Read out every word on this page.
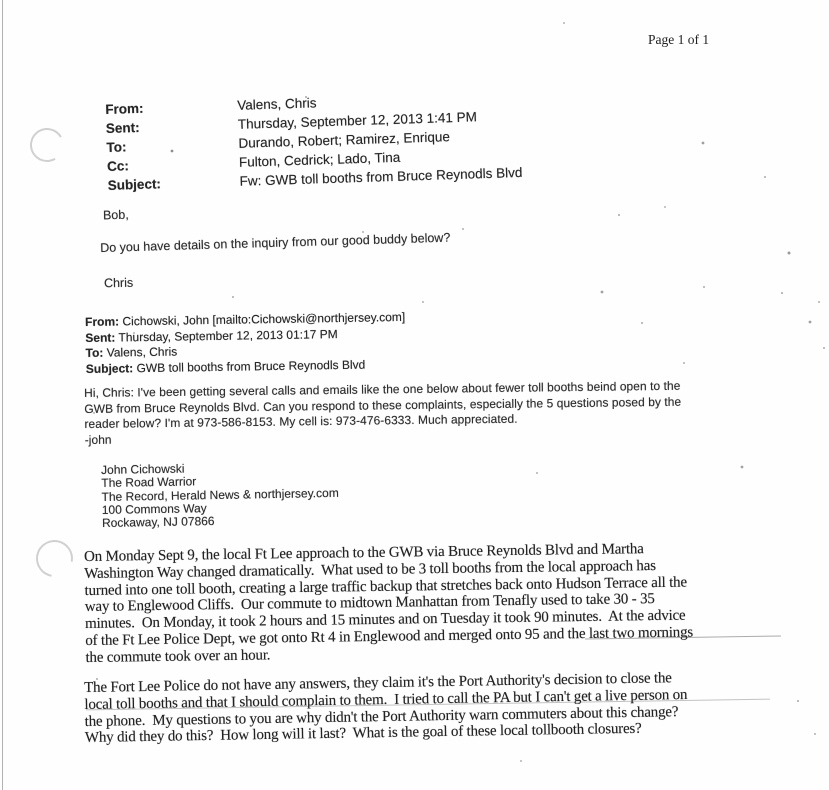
Page 1 of 1
From:	Valens, Chris
Sent:	Thursday, September 12, 2013 1:41 PM
To:	Durando, Robert; Ramirez, Enrique
Cc:	Fulton, Cedrick; Lado, Tina
Subject:	Fw: GWB toll booths from Bruce Reynodls Blvd
Bob,
Do you have details on the inquiry from our good buddy below?
Chris
From: Cichowski, John [mailto:Cichowski@northjersey.com]
Sent: Thursday, September 12, 2013 01:17 PM
To: Valens, Chris
Subject: GWB toll booths from Bruce Reynodls Blvd
Hi, Chris: I've been getting several calls and emails like the one below about fewer toll booths beind open to the
GWB from Bruce Reynolds Blvd. Can you respond to these complaints, especially the 5 questions posed by the
reader below? I'm at 973-586-8153. My cell is: 973-476-6333. Much appreciated.
-john
John Cichowski
The Road Warrior
The Record, Herald News & northjersey.com
100 Commons Way
Rockaway, NJ 07866
On Monday Sept 9, the local Ft Lee approach to the GWB via Bruce Reynolds Blvd and Martha
Washington Way changed dramatically.  What used to be 3 toll booths from the local approach has
turned into one toll booth, creating a large traffic backup that stretches back onto Hudson Terrace all the
way to Englewood Cliffs.  Our commute to midtown Manhattan from Tenafly used to take 30 - 35
minutes.  On Monday, it took 2 hours and 15 minutes and on Tuesday it took 90 minutes.  At the advice
of the Ft Lee Police Dept, we got onto Rt 4 in Englewood and merged onto 95 and the last two mornings
the commute took over an hour.
The Fort Lee Police do not have any answers, they claim it's the Port Authority's decision to close the
local toll booths and that I should complain to them.  I tried to call the PA but I can't get a live person on
the phone.  My questions to you are why didn't the Port Authority warn commuters about this change?
Why did they do this?  How long will it last?  What is the goal of these local tollbooth closures?
